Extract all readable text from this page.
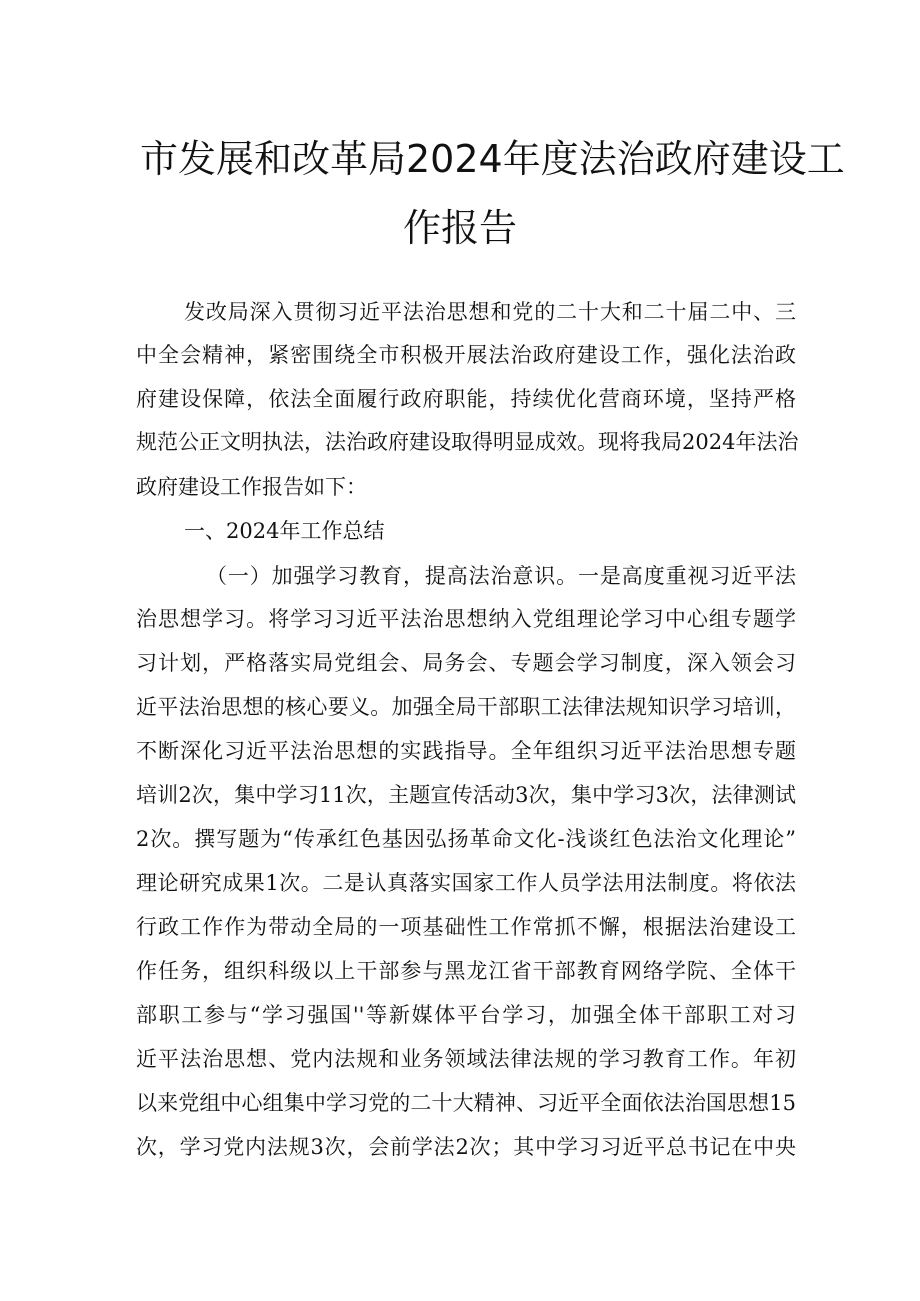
市发展和改革局2024年度法治政府建设工
作报告
发改局深入贯彻习近平法治思想和党的二十大和二十届二中、三
中全会精神，紧密围绕全市积极开展法治政府建设工作，强化法治政
府建设保障，依法全面履行政府职能，持续优化营商环境，坚持严格
规范公正文明执法，法治政府建设取得明显成效。现将我局2024年法治
政府建设工作报告如下：
一、2024年工作总结
（一）加强学习教育，提高法治意识。一是高度重视习近平法
治思想学习。将学习习近平法治思想纳入党组理论学习中心组专题学
习计划，严格落实局党组会、局务会、专题会学习制度，深入领会习
近平法治思想的核心要义。加强全局干部职工法律法规知识学习培训，
不断深化习近平法治思想的实践指导。全年组织习近平法治思想专题
培训2次，集中学习11次，主题宣传活动3次，集中学习3次，法律测试
2次。撰写题为“传承红色基因弘扬革命文化-浅谈红色法治文化理论”
理论研究成果1次。二是认真落实国家工作人员学法用法制度。将依法
行政工作作为带动全局的一项基础性工作常抓不懈，根据法治建设工
作任务，组织科级以上干部参与黑龙江省干部教育网络学院、全体干
部职工参与“学习强国''等新媒体平台学习，加强全体干部职工对习
近平法治思想、党内法规和业务领域法律法规的学习教育工作。年初
以来党组中心组集中学习党的二十大精神、习近平全面依法治国思想15
次，学习党内法规3次，会前学法2次；其中学习习近平总书记在中央
